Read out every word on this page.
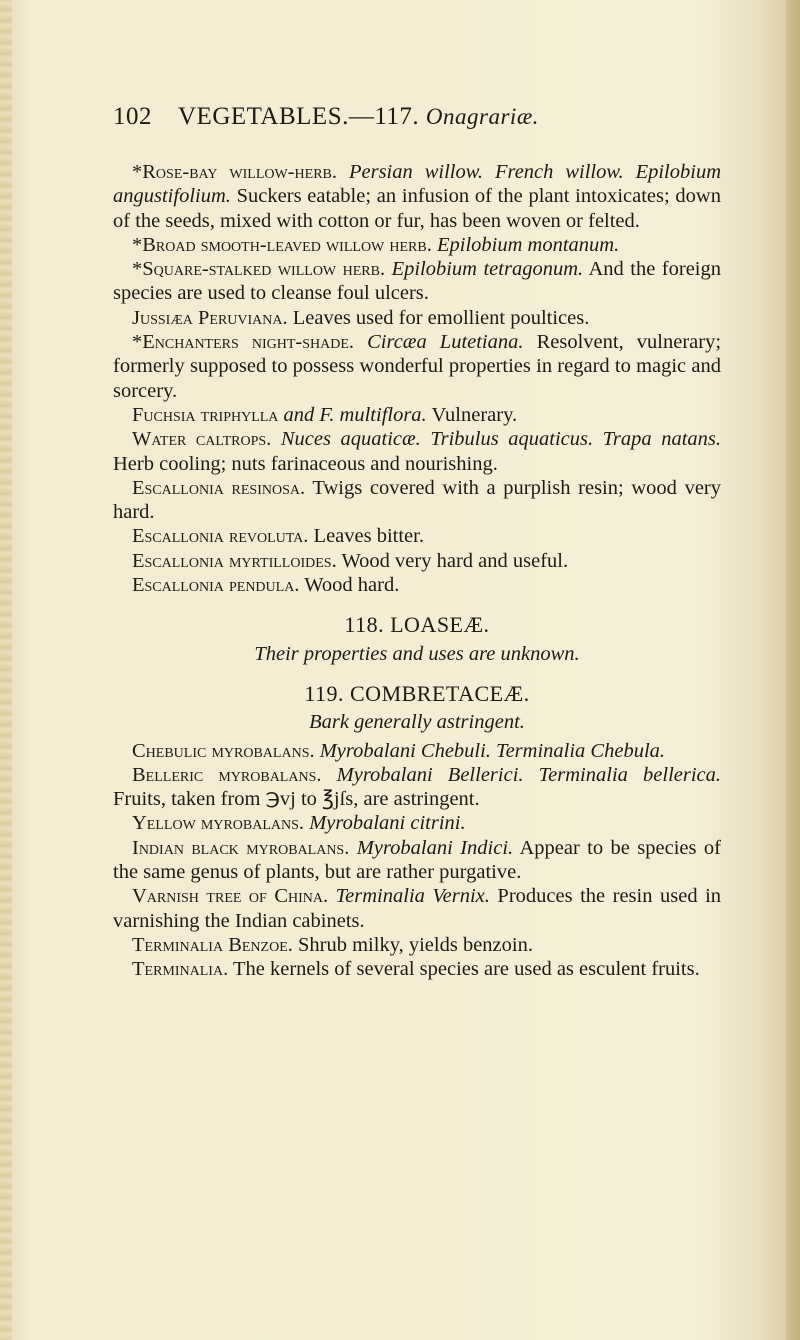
102 VEGETABLES.—117. Onagrariæ.

*Rose-bay willow-herb. Persian willow. French willow. Epilobium angustifolium. Suckers eatable; an infusion of the plant intoxicates; down of the seeds, mixed with cotton or fur, has been woven or felted.

*Broad smooth-leaved willow herb. Epilobium montanum.

*Square-stalked willow herb. Epilobium tetragonum. And the foreign species are used to cleanse foul ulcers.

Jussiæa Peruviana. Leaves used for emollient poultices.

*Enchanters night-shade. Circæa Lutetiana. Resolvent, vulnerary; formerly supposed to possess wonderful properties in regard to magic and sorcery.

Fuchsia triphylla and F. multiflora. Vulnerary.

Water caltrops. Nuces aquaticæ. Tribulus aquaticus. Trapa natans. Herb cooling; nuts farinaceous and nourishing.

Escallonia resinosa. Twigs covered with a purplish resin; wood very hard.

Escallonia revoluta. Leaves bitter.

Escallonia myrtilloides. Wood very hard and useful.

Escallonia pendula. Wood hard.

118. LOASEÆ.
Their properties and uses are unknown.
119. COMBRETACEÆ.
Bark generally astringent.

Chebulic myrobalans. Myrobalani Chebuli. Terminalia Chebula.

Belleric myrobalans. Myrobalani Bellerici. Terminalia bellerica. Fruits, taken from ℈vj to ℥jſs, are astringent.

Yellow myrobalans. Myrobalani citrini.

Indian black myrobalans. Myrobalani Indici. Appear to be species of the same genus of plants, but are rather purgative.

Varnish tree of China. Terminalia Vernix. Produces the resin used in varnishing the Indian cabinets.

Terminalia Benzoe. Shrub milky, yields benzoin.

Terminalia. The kernels of several species are used as esculent fruits.
